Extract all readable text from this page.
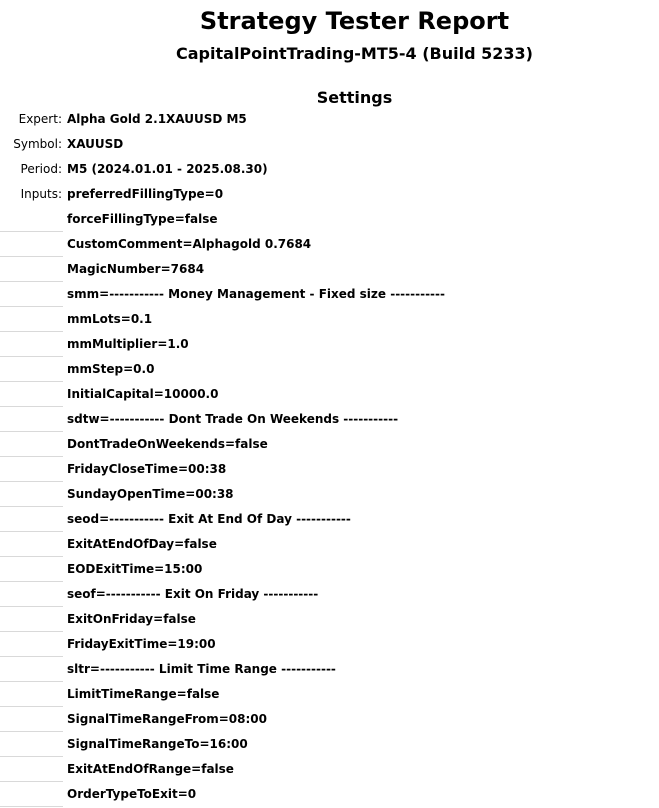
Strategy Tester Report
CapitalPointTrading-MT5-4 (Build 5233)
Settings
Expert: Alpha Gold 2.1XAUUSD M5
Symbol: XAUUSD
Period: M5 (2024.01.01 - 2025.08.30)
Inputs: preferredFillingType=0
forceFillingType=false
CustomComment=Alphagold 0.7684
MagicNumber=7684
smm=----------- Money Management - Fixed size -----------
mmLots=0.1
mmMultiplier=1.0
mmStep=0.0
InitialCapital=10000.0
sdtw=----------- Dont Trade On Weekends -----------
DontTradeOnWeekends=false
FridayCloseTime=00:38
SundayOpenTime=00:38
seod=----------- Exit At End Of Day -----------
ExitAtEndOfDay=false
EODExitTime=15:00
seof=----------- Exit On Friday -----------
ExitOnFriday=false
FridayExitTime=19:00
sltr=----------- Limit Time Range -----------
LimitTimeRange=false
SignalTimeRangeFrom=08:00
SignalTimeRangeTo=16:00
ExitAtEndOfRange=false
OrderTypeToExit=0
